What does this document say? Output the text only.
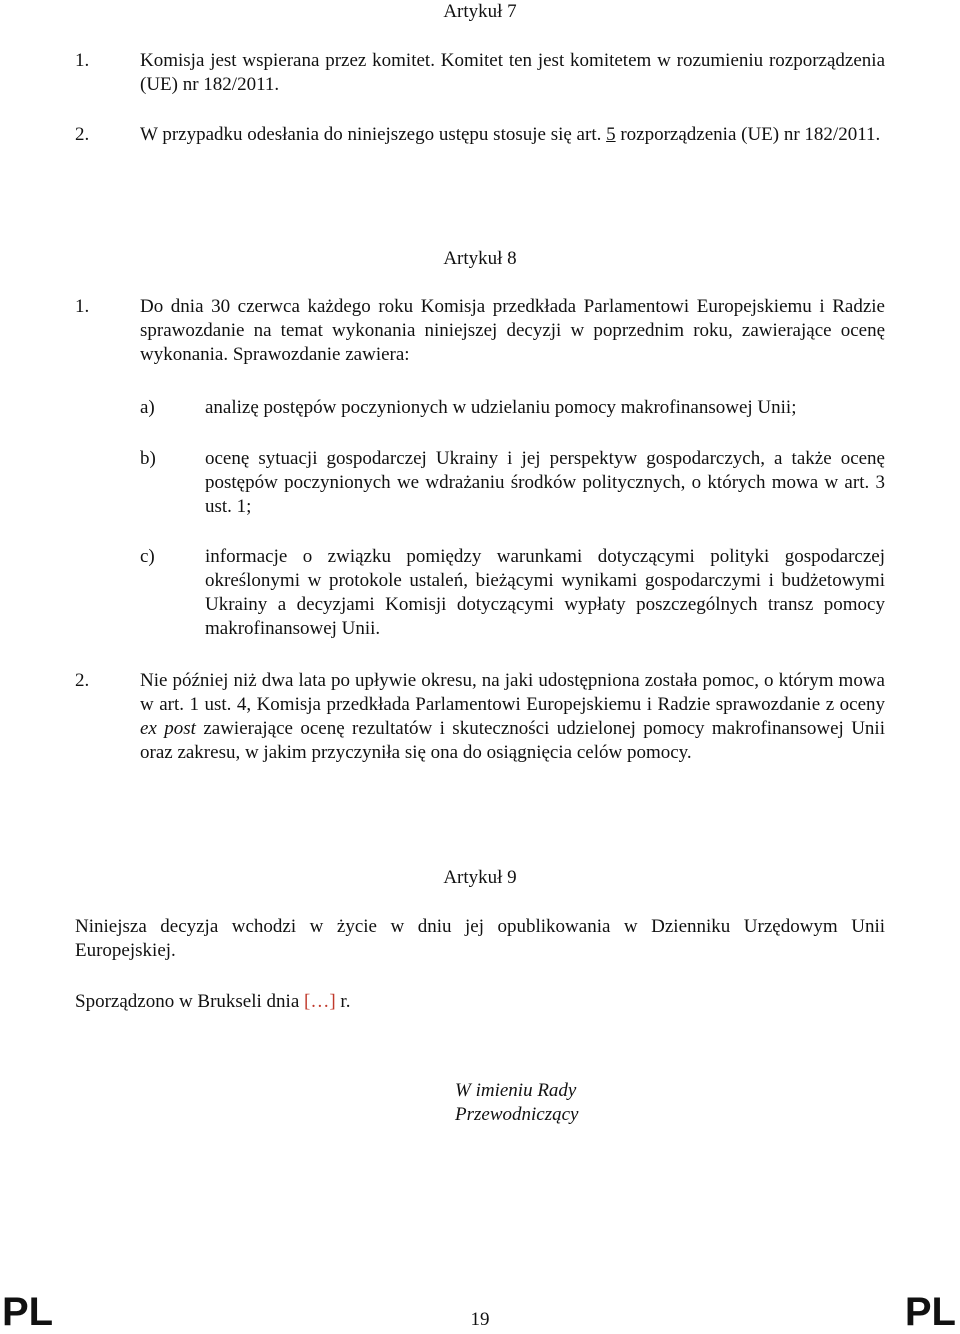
Artykuł 7
1.	Komisja jest wspierana przez komitet. Komitet ten jest komitetem w rozumieniu rozporządzenia (UE) nr 182/2011.
2.	W przypadku odesłania do niniejszego ustępu stosuje się art. 5 rozporządzenia (UE) nr 182/2011.
Artykuł 8
1.	Do dnia 30 czerwca każdego roku Komisja przedkłada Parlamentowi Europejskiemu i Radzie sprawozdanie na temat wykonania niniejszej decyzji w poprzednim roku, zawierające ocenę wykonania. Sprawozdanie zawiera:
a)	analizę postępów poczynionych w udzielaniu pomocy makrofinansowej Unii;
b)	ocenę sytuacji gospodarczej Ukrainy i jej perspektyw gospodarczych, a także ocenę postępów poczynionych we wdrażaniu środków politycznych, o których mowa w art. 3 ust. 1;
c)	informacje o związku pomiędzy warunkami dotyczącymi polityki gospodarczej określonymi w protokole ustaleń, bieżącymi wynikami gospodarczymi i budżetowymi Ukrainy a decyzjami Komisji dotyczącymi wypłaty poszczególnych transz pomocy makrofinansowej Unii.
2.	Nie później niż dwa lata po upływie okresu, na jaki udostępniona została pomoc, o którym mowa w art. 1 ust. 4, Komisja przedkłada Parlamentowi Europejskiemu i Radzie sprawozdanie z oceny ex post zawierające ocenę rezultatów i skuteczności udzielonej pomocy makrofinansowej Unii oraz zakresu, w jakim przyczyniła się ona do osiągnięcia celów pomocy.
Artykuł 9
Niniejsza decyzja wchodzi w życie w dniu jej opublikowania w Dzienniku Urzędowym Unii Europejskiej.
Sporządzono w Brukseli dnia […] r.
W imieniu Rady
Przewodniczący
PL	19	PL
